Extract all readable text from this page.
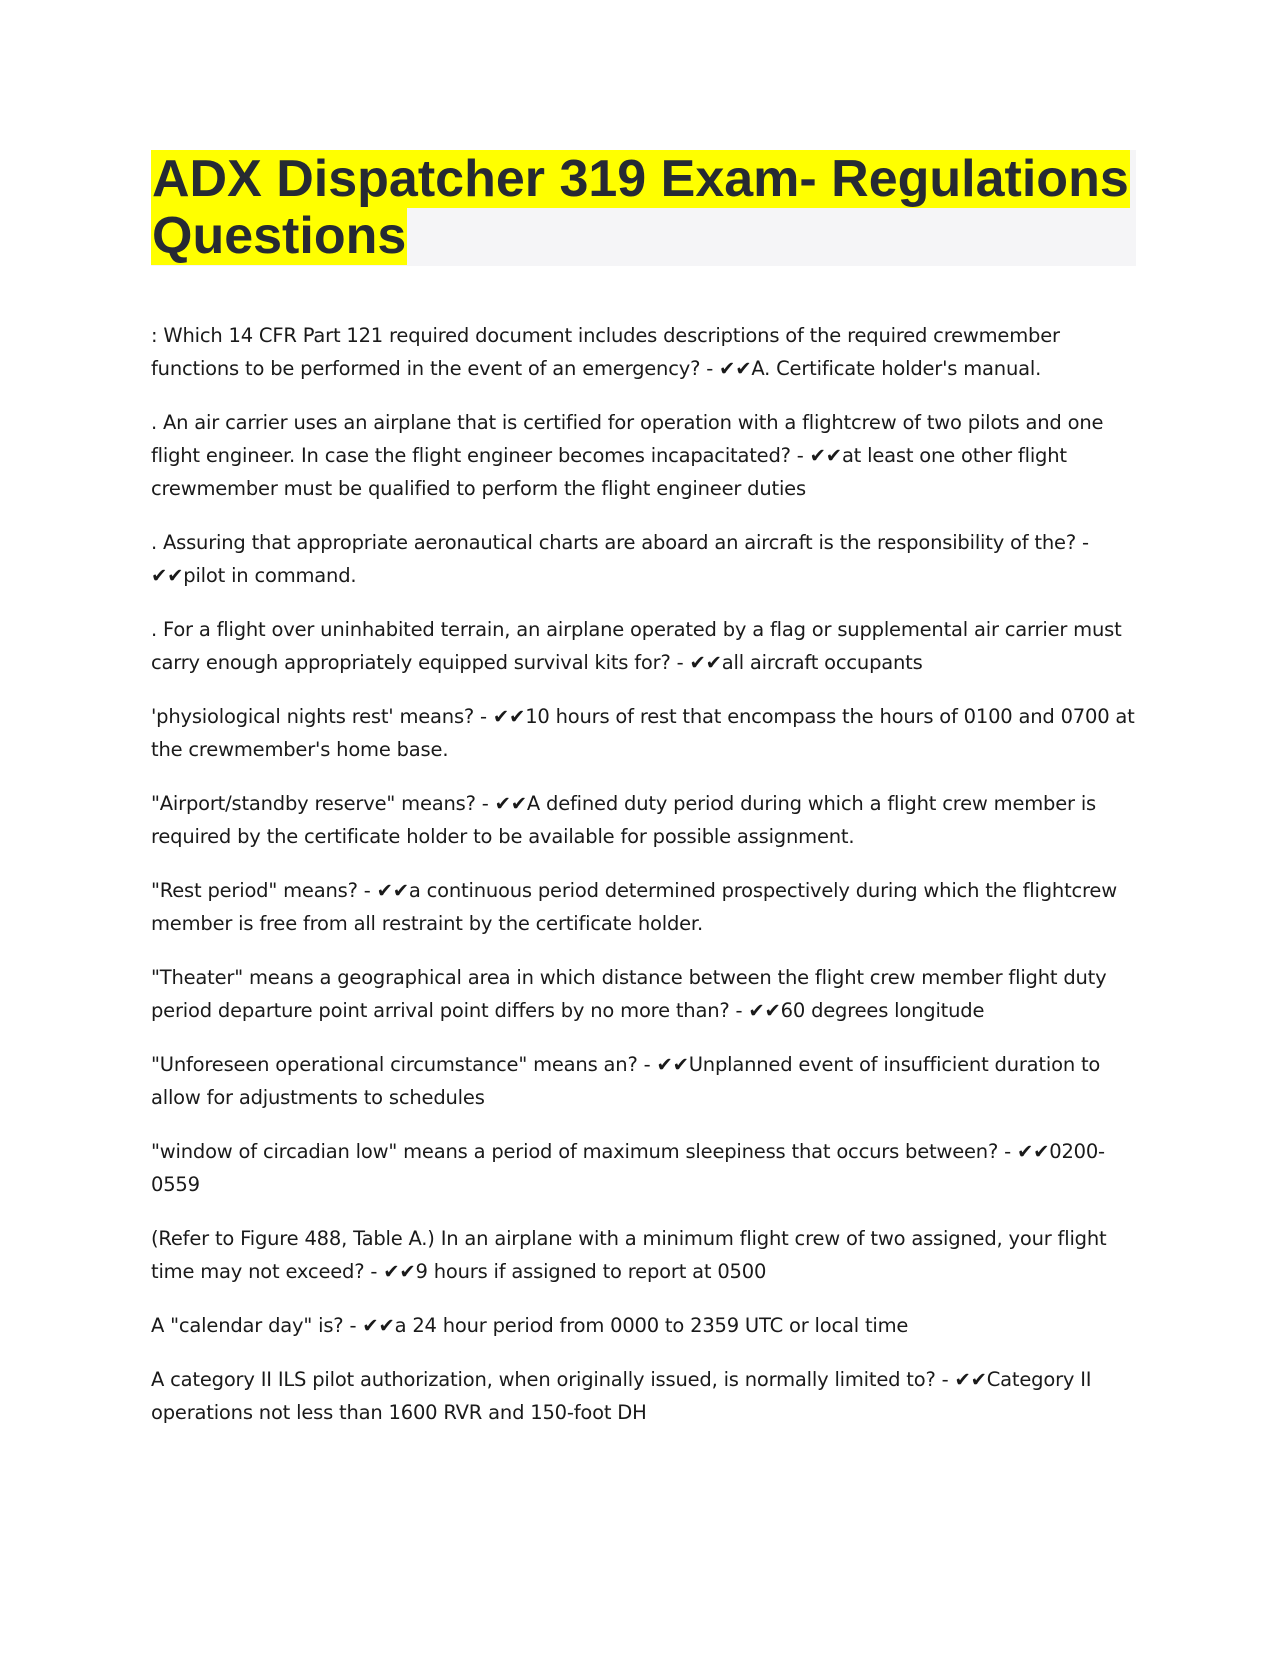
ADX Dispatcher 319 Exam- Regulations Questions

: Which 14 CFR Part 121 required document includes descriptions of the required crewmember functions to be performed in the event of an emergency? - ✔✔A. Certificate holder's manual.

. An air carrier uses an airplane that is certified for operation with a flightcrew of two pilots and one flight engineer. In case the flight engineer becomes incapacitated? - ✔✔at least one other flight crewmember must be qualified to perform the flight engineer duties

. Assuring that appropriate aeronautical charts are aboard an aircraft is the responsibility of the? - ✔✔pilot in command.

. For a flight over uninhabited terrain, an airplane operated by a flag or supplemental air carrier must carry enough appropriately equipped survival kits for? - ✔✔all aircraft occupants

'physiological nights rest' means? - ✔✔10 hours of rest that encompass the hours of 0100 and 0700 at the crewmember's home base.

"Airport/standby reserve" means? - ✔✔A defined duty period during which a flight crew member is required by the certificate holder to be available for possible assignment.

"Rest period" means? - ✔✔a continuous period determined prospectively during which the flightcrew member is free from all restraint by the certificate holder.

"Theater" means a geographical area in which distance between the flight crew member flight duty period departure point arrival point differs by no more than? - ✔✔60 degrees longitude

"Unforeseen operational circumstance" means an? - ✔✔Unplanned event of insufficient duration to allow for adjustments to schedules

"window of circadian low" means a period of maximum sleepiness that occurs between? - ✔✔0200-0559

(Refer to Figure 488, Table A.) In an airplane with a minimum flight crew of two assigned, your flight time may not exceed? - ✔✔9 hours if assigned to report at 0500

A "calendar day" is? - ✔✔a 24 hour period from 0000 to 2359 UTC or local time

A category II ILS pilot authorization, when originally issued, is normally limited to? - ✔✔Category II operations not less than 1600 RVR and 150-foot DH
